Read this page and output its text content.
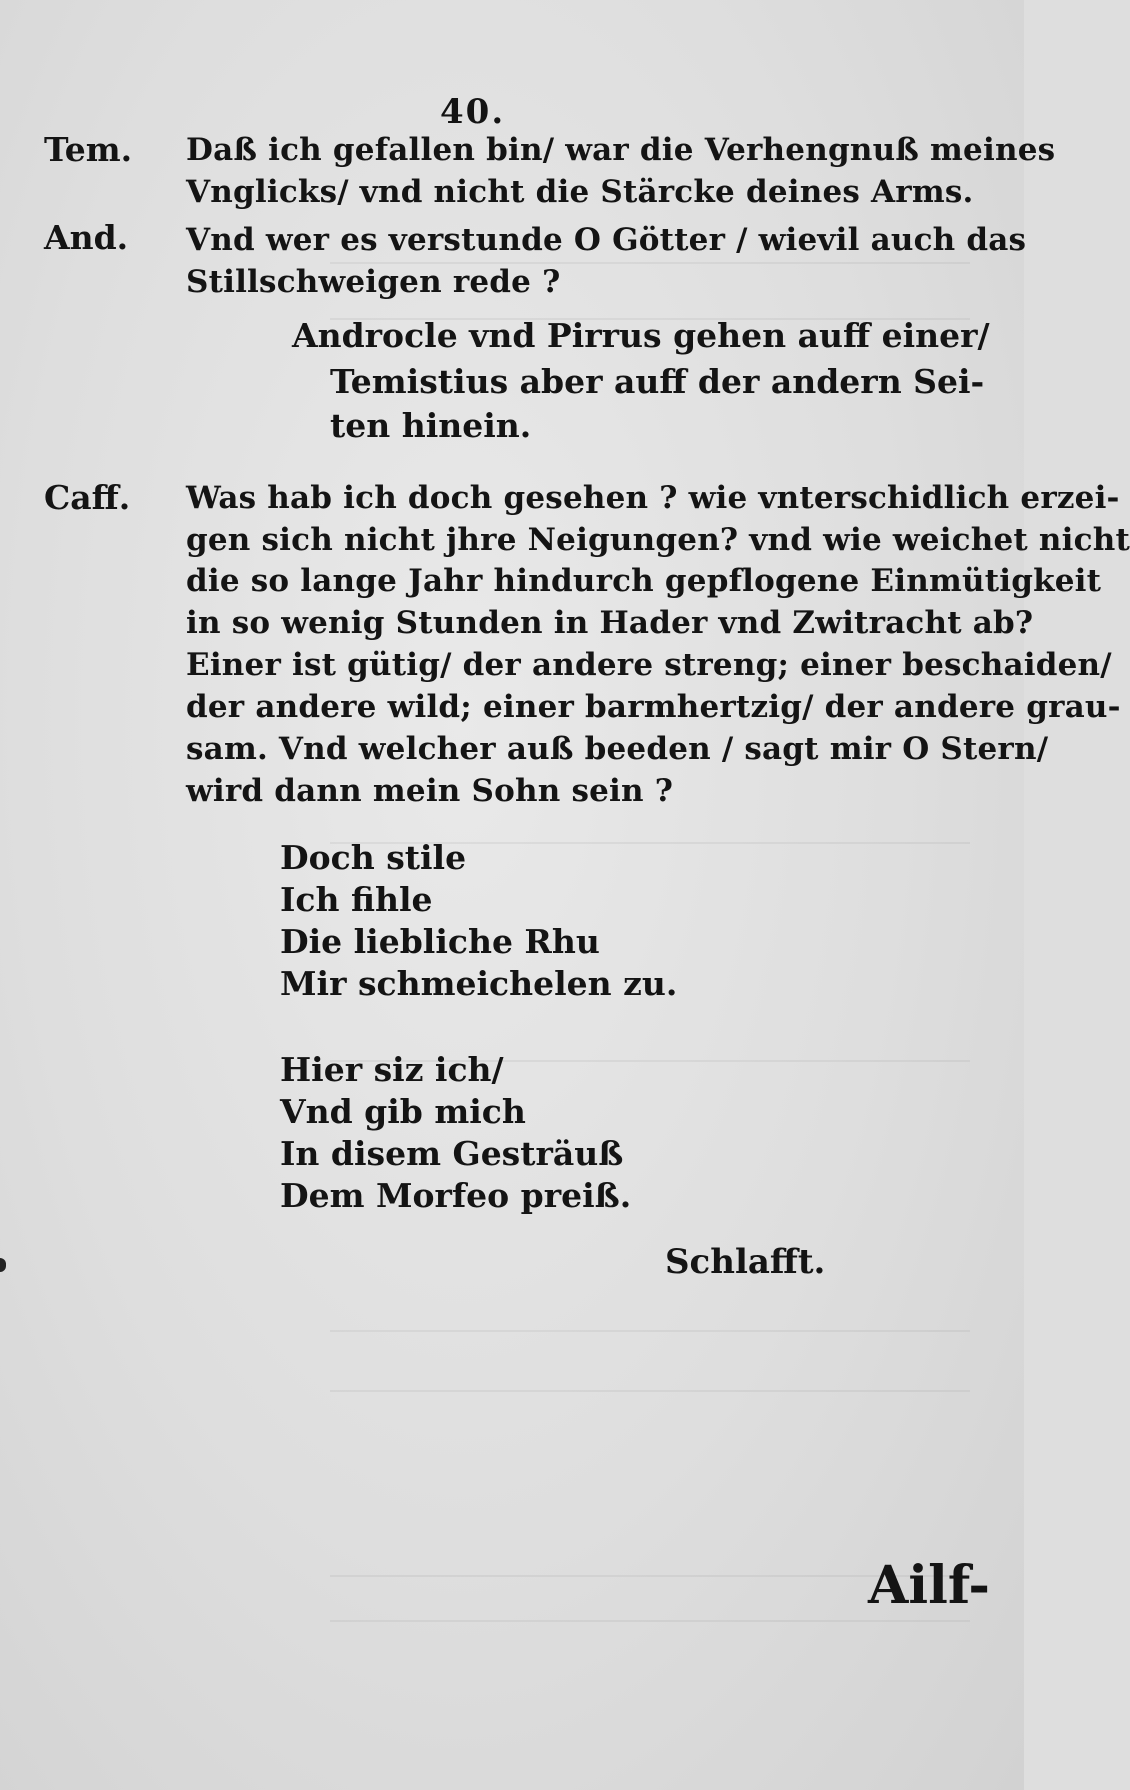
40.
Tem. Daß ich gefallen bin/ war die Verhengnuß meines
Vnglicks/ vnd nicht die Stärcke deines Arms.
And. Vnd wer es verstunde O Götter / wievil auch das
Stillschweigen rede ?
Androcle vnd Pirrus gehen auff einer/
Temistius aber auff der andern Sei-
ten hinein.
Caff. Was hab ich doch gesehen ? wie vnterschidlich erzei-
gen sich nicht jhre Neigungen? vnd wie weichet nicht
die so lange Jahr hindurch gepflogene Einmütigkeit
in so wenig Stunden in Hader vnd Zwitracht ab?
Einer ist gütig/ der andere streng; einer beschaiden/
der andere wild; einer barmhertzig/ der andere grau-
sam. Vnd welcher auß beeden / sagt mir O Stern/
wird dann mein Sohn sein ?
Doch stile
Ich fihle
Die liebliche Rhu
Mir schmeichelen zu.
Hier siz ich/
Vnd gib mich
In disem Gesträuß
Dem Morfeo preiß.
Schlafft.
Ailf-
